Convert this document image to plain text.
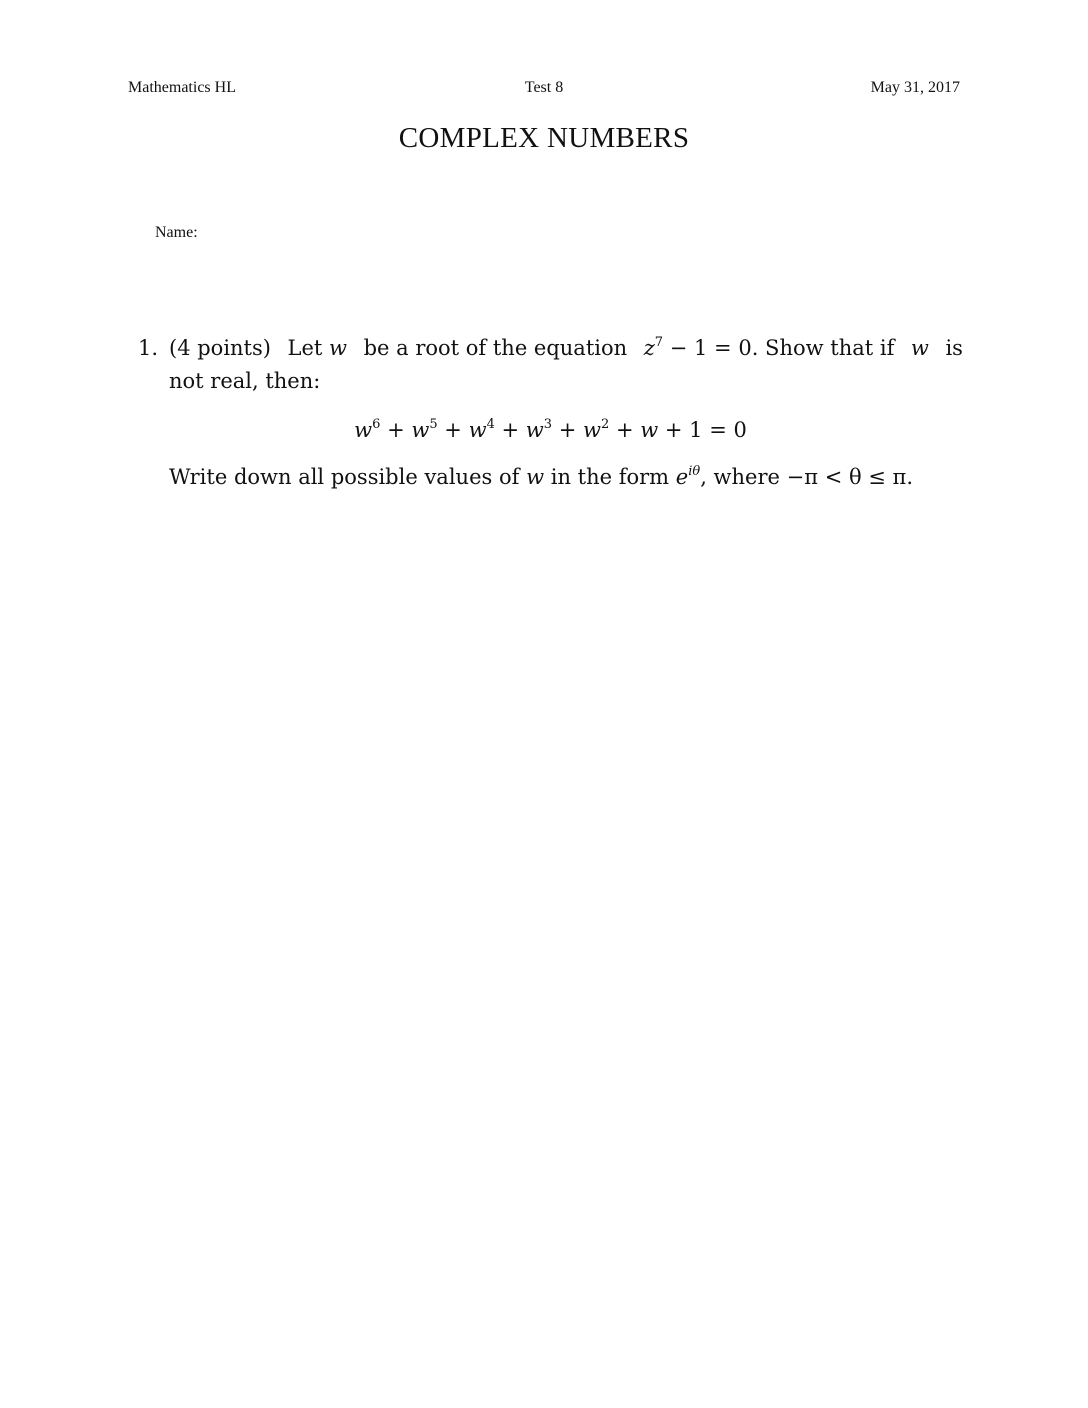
Mathematics HL	Test 8	May 31, 2017
COMPLEX NUMBERS
Name:
1. (4 points) Let w be a root of the equation $z^7 - 1 = 0$. Show that if w is
not real, then:
$w^6 + w^5 + w^4 + w^3 + w^2 + w + 1 = 0$
Write down all possible values of w in the form $e^{i\theta}$, where −π < θ ≤ π.
